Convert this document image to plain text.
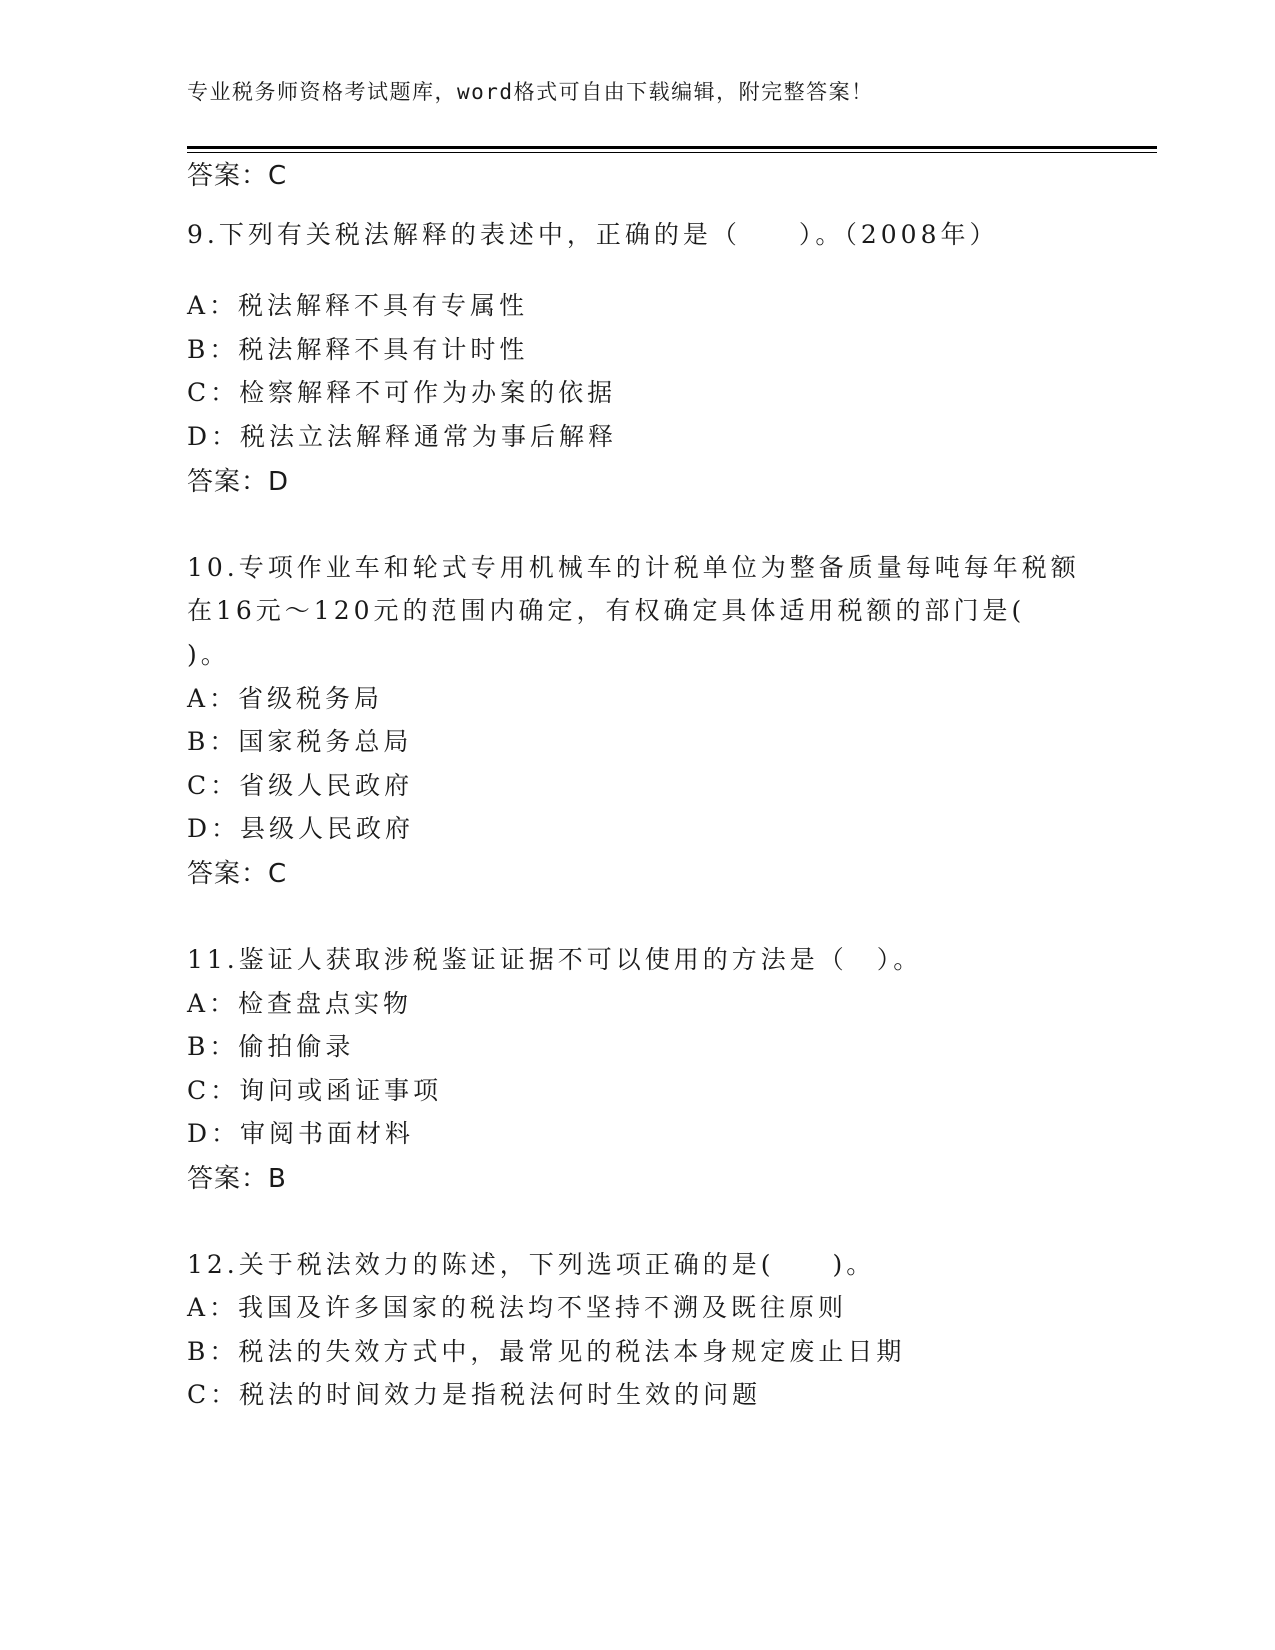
专业税务师资格考试题库，word格式可自由下载编辑，附完整答案！
答案：C
9.下列有关税法解释的表述中，正确的是（　　）。（2008年）
A：税法解释不具有专属性
B：税法解释不具有计时性
C：检察解释不可作为办案的依据
D：税法立法解释通常为事后解释
答案：D
10.专项作业车和轮式专用机械车的计税单位为整备质量每吨每年税额
在16元～120元的范围内确定，有权确定具体适用税额的部门是(
)。
A：省级税务局
B：国家税务总局
C：省级人民政府
D：县级人民政府
答案：C
11.鉴证人获取涉税鉴证证据不可以使用的方法是（　）。
A：检查盘点实物
B：偷拍偷录
C：询问或函证事项
D：审阅书面材料
答案：B
12.关于税法效力的陈述，下列选项正确的是(　　)。
A：我国及许多国家的税法均不坚持不溯及既往原则
B：税法的失效方式中，最常见的税法本身规定废止日期
C：税法的时间效力是指税法何时生效的问题
